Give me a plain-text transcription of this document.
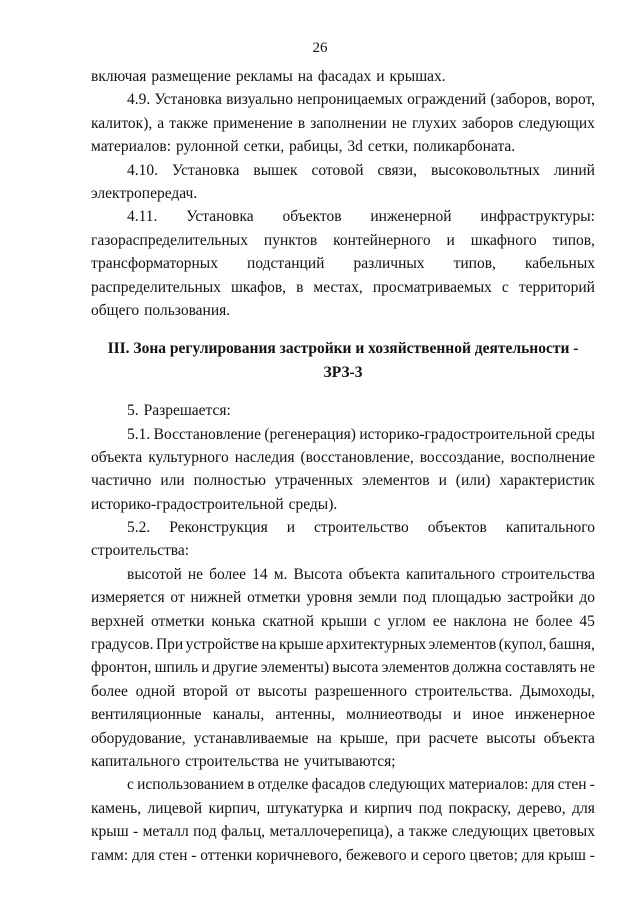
26
включая размещение рекламы на фасадах и крышах.
4.9. Установка визуально непроницаемых ограждений (заборов, ворот,
калиток), а также применение в заполнении не глухих заборов следующих
материалов: рулонной сетки, рабицы, 3d сетки, поликарбоната.
4.10. Установка вышек сотовой связи, высоковольтных линий
электропередач.
4.11. Установка объектов инженерной инфраструктуры:
газораспределительных пунктов контейнерного и шкафного типов,
трансформаторных подстанций различных типов, кабельных
распределительных шкафов, в местах, просматриваемых с территорий
общего пользования.
III. Зона регулирования застройки и хозяйственной деятельности -
ЗРЗ-3
5. Разрешается:
5.1. Восстановление (регенерация) историко-градостроительной среды
объекта культурного наследия (восстановление, воссоздание, восполнение
частично или полностью утраченных элементов и (или) характеристик
историко-градостроительной среды).
5.2. Реконструкция и строительство объектов капитального
строительства:
высотой не более 14 м. Высота объекта капитального строительства
измеряется от нижней отметки уровня земли под площадью застройки до
верхней отметки конька скатной крыши с углом ее наклона не более 45
градусов. При устройстве на крыше архитектурных элементов (купол, башня,
фронтон, шпиль и другие элементы) высота элементов должна составлять не
более одной второй от высоты разрешенного строительства. Дымоходы,
вентиляционные каналы, антенны, молниеотводы и иное инженерное
оборудование, устанавливаемые на крыше, при расчете высоты объекта
капитального строительства не учитываются;
с использованием в отделке фасадов следующих материалов: для стен -
камень, лицевой кирпич, штукатурка и кирпич под покраску, дерево, для
крыш - металл под фальц, металлочерепица), а также следующих цветовых
гамм: для стен - оттенки коричневого, бежевого и серого цветов; для крыш -
